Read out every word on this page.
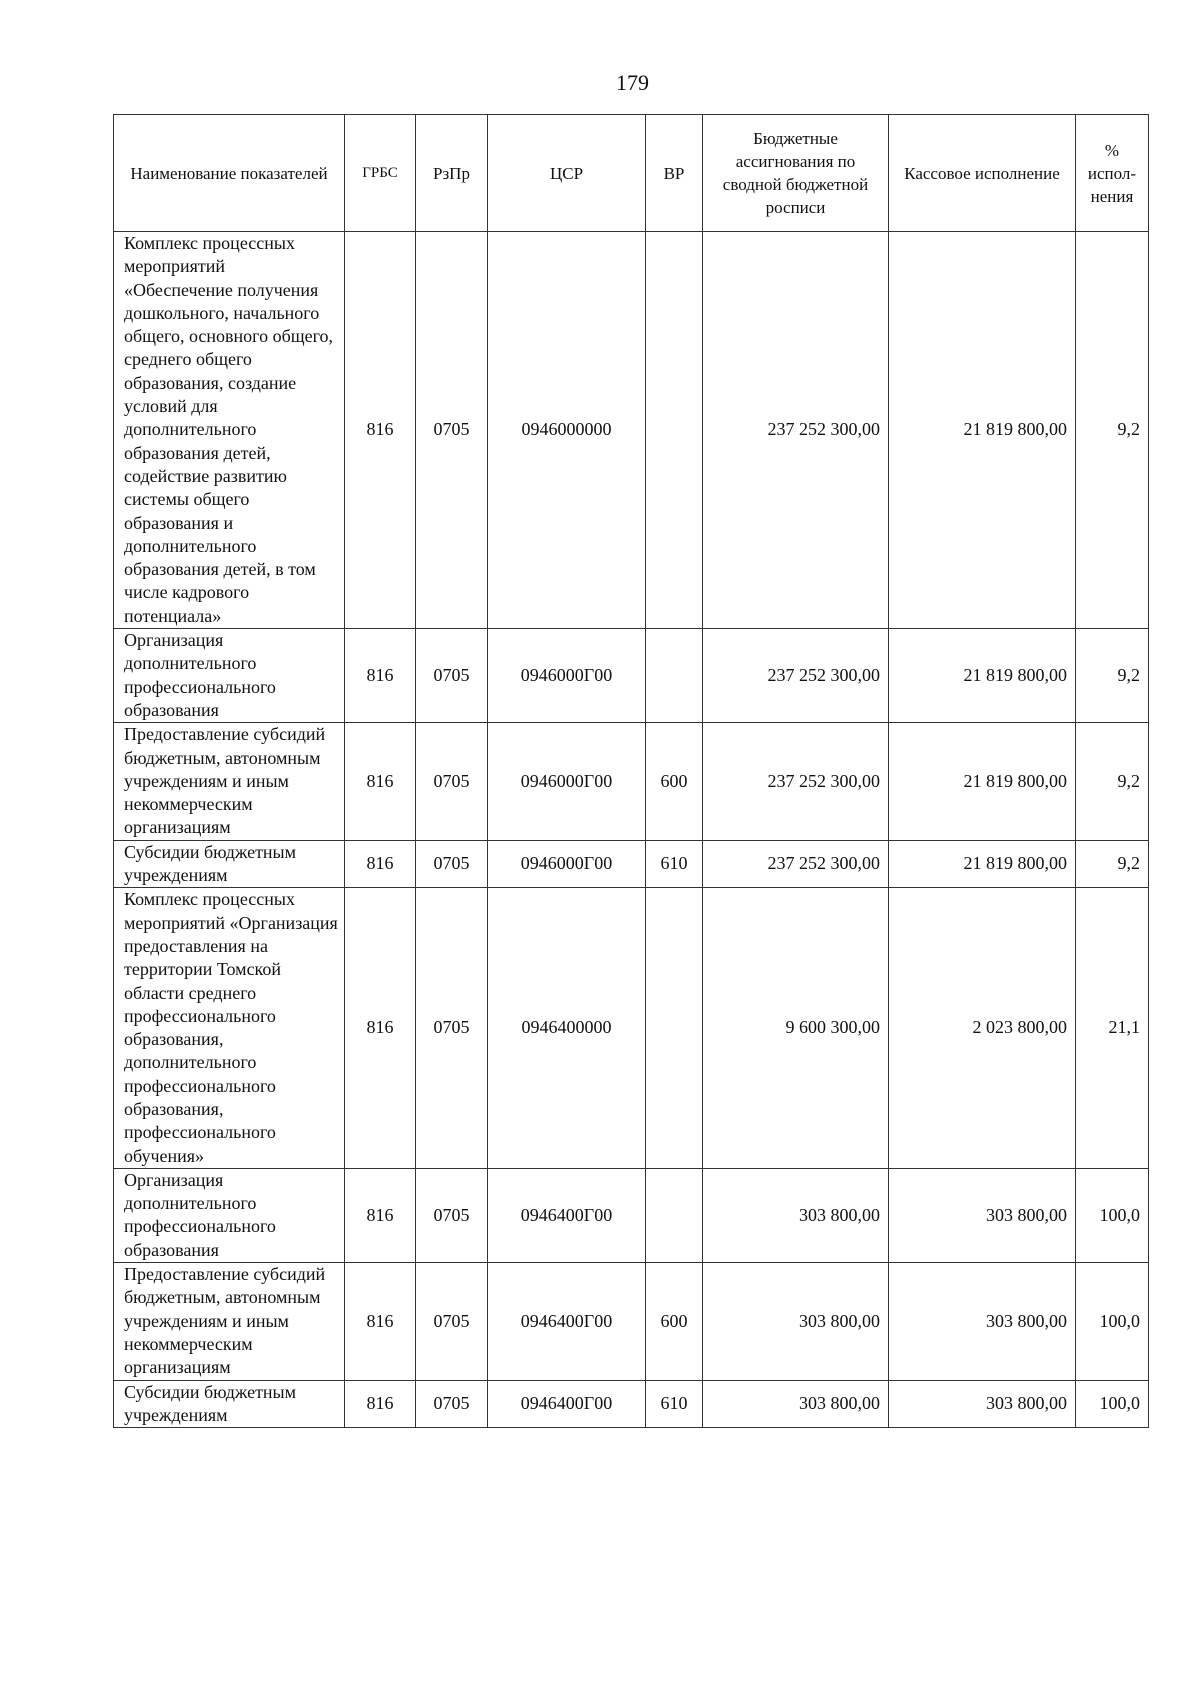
179
Наименование показателей	ГРБС	РзПр	ЦСР	ВР	Бюджетные ассигнования по сводной бюджетной росписи	Кассовое исполнение	% испол-нения
Комплекс процессных мероприятий «Обеспечение получения дошкольного, начального общего, основного общего, среднего общего образования, создание условий для дополнительного образования детей, содействие развитию системы общего образования и дополнительного образования детей, в том числе кадрового потенциала»	816	0705	0946000000		237 252 300,00	21 819 800,00	9,2
Организация дополнительного профессионального образования	816	0705	0946000Г00		237 252 300,00	21 819 800,00	9,2
Предоставление субсидий бюджетным, автономным учреждениям и иным некоммерческим организациям	816	0705	0946000Г00	600	237 252 300,00	21 819 800,00	9,2
Субсидии бюджетным учреждениям	816	0705	0946000Г00	610	237 252 300,00	21 819 800,00	9,2
Комплекс процессных мероприятий «Организация предоставления на территории Томской области среднего профессионального образования, дополнительного профессионального образования, профессионального обучения»	816	0705	0946400000		9 600 300,00	2 023 800,00	21,1
Организация дополнительного профессионального образования	816	0705	0946400Г00		303 800,00	303 800,00	100,0
Предоставление субсидий бюджетным, автономным учреждениям и иным некоммерческим организациям	816	0705	0946400Г00	600	303 800,00	303 800,00	100,0
Субсидии бюджетным учреждениям	816	0705	0946400Г00	610	303 800,00	303 800,00	100,0
